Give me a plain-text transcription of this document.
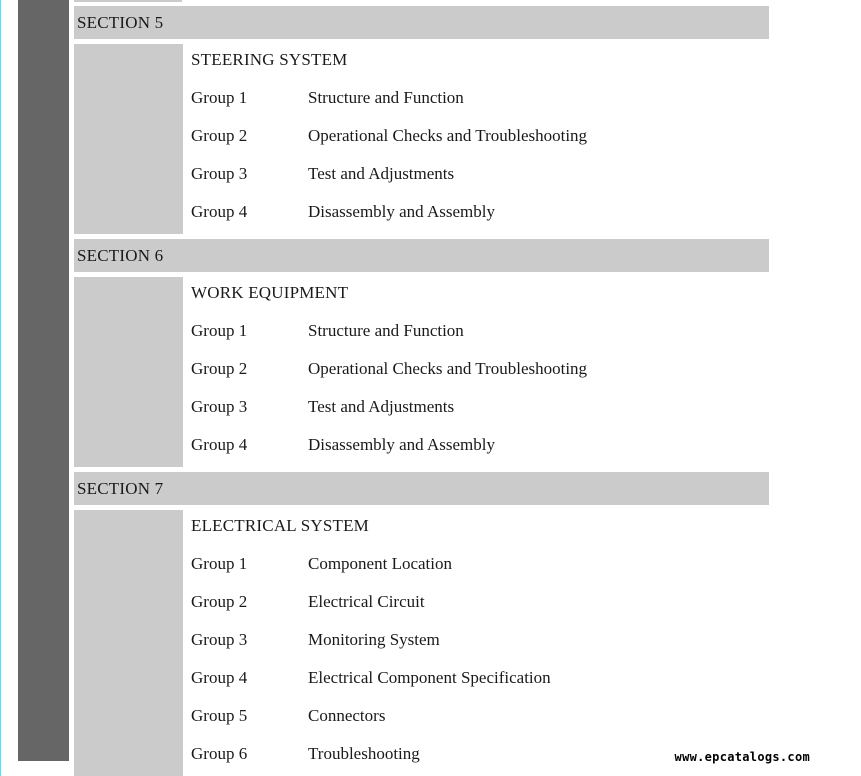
SECTION 5
STEERING SYSTEM
Group 1	Structure and Function
Group 2	Operational Checks and Troubleshooting
Group 3	Test and Adjustments
Group 4	Disassembly and Assembly
SECTION 6
WORK EQUIPMENT
Group 1	Structure and Function
Group 2	Operational Checks and Troubleshooting
Group 3	Test and Adjustments
Group 4	Disassembly and Assembly
SECTION 7
ELECTRICAL SYSTEM
Group 1	Component Location
Group 2	Electrical Circuit
Group 3	Monitoring System
Group 4	Electrical Component Specification
Group 5	Connectors
Group 6	Troubleshooting	www.epcatalogs.com
